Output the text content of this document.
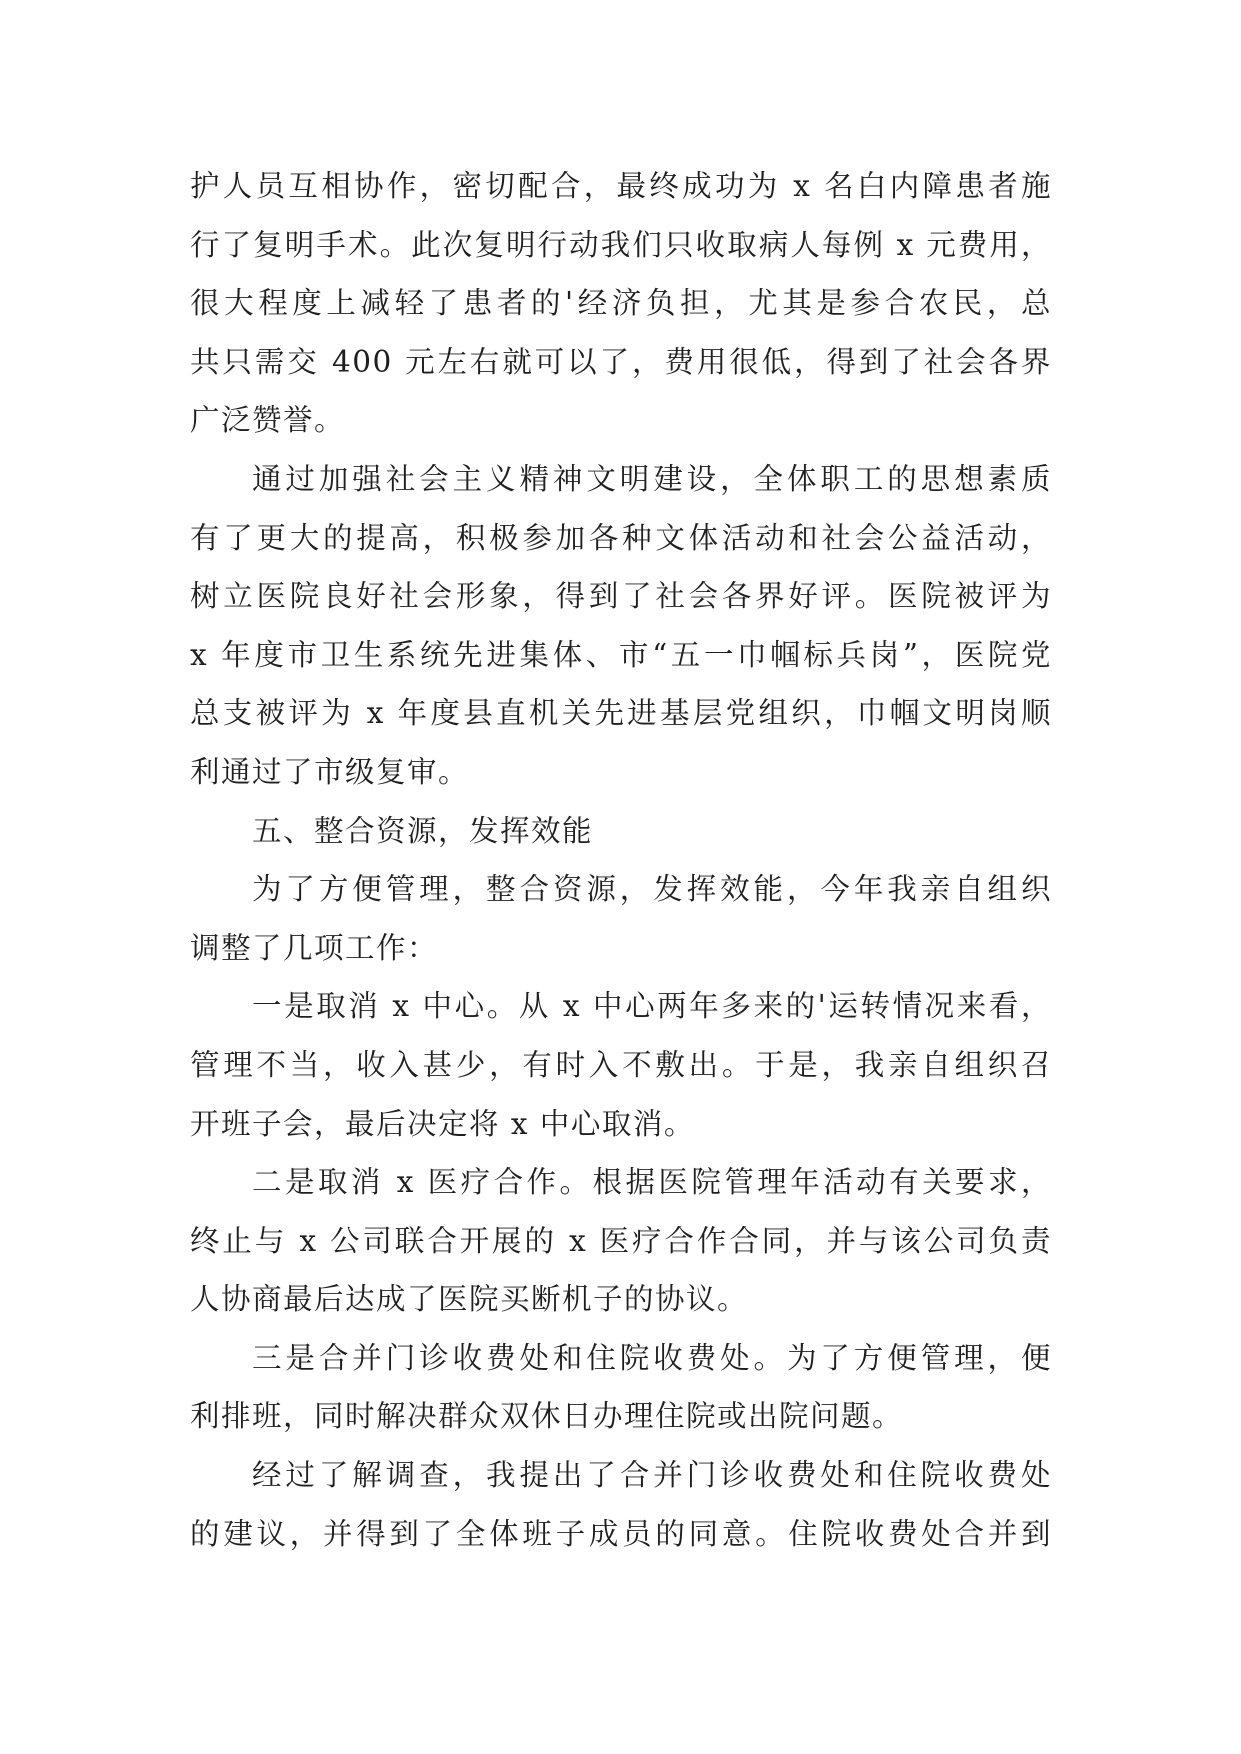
护人员互相协作，密切配合，最终成功为 x 名白内障患者施
行了复明手术。此次复明行动我们只收取病人每例 x 元费用，
很大程度上减轻了患者的'经济负担，尤其是参合农民，总
共只需交 400 元左右就可以了，费用很低，得到了社会各界
广泛赞誉。
通过加强社会主义精神文明建设，全体职工的思想素质
有了更大的提高，积极参加各种文体活动和社会公益活动，
树立医院良好社会形象，得到了社会各界好评。医院被评为
x 年度市卫生系统先进集体、市“五一巾帼标兵岗”，医院党
总支被评为 x 年度县直机关先进基层党组织，巾帼文明岗顺
利通过了市级复审。
五、整合资源，发挥效能
为了方便管理，整合资源，发挥效能，今年我亲自组织
调整了几项工作：
一是取消 x 中心。从 x 中心两年多来的'运转情况来看，
管理不当，收入甚少，有时入不敷出。于是，我亲自组织召
开班子会，最后决定将 x 中心取消。
二是取消 x 医疗合作。根据医院管理年活动有关要求，
终止与 x 公司联合开展的 x 医疗合作合同，并与该公司负责
人协商最后达成了医院买断机子的协议。
三是合并门诊收费处和住院收费处。为了方便管理，便
利排班，同时解决群众双休日办理住院或出院问题。
经过了解调查，我提出了合并门诊收费处和住院收费处
的建议，并得到了全体班子成员的同意。住院收费处合并到
